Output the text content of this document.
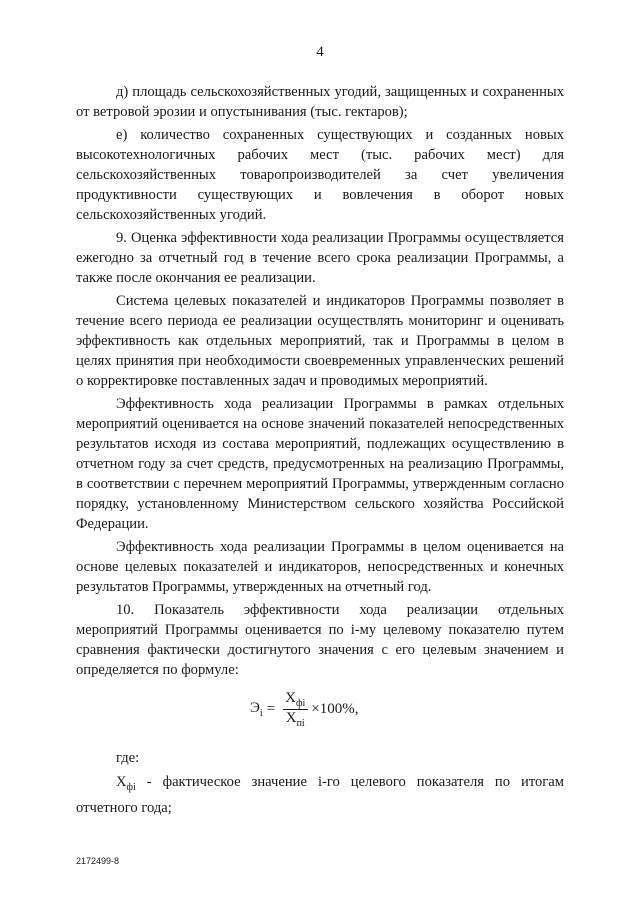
4

д) площадь сельскохозяйственных угодий, защищенных и сохраненных от ветровой эрозии и опустынивания (тыс. гектаров);

е) количество сохраненных существующих и созданных новых высокотехнологичных рабочих мест (тыс. рабочих мест) для сельскохозяйственных товаропроизводителей за счет увеличения продуктивности существующих и вовлечения в оборот новых сельскохозяйственных угодий.

9. Оценка эффективности хода реализации Программы осуществляется ежегодно за отчетный год в течение всего срока реализации Программы, а также после окончания ее реализации.

Система целевых показателей и индикаторов Программы позволяет в течение всего периода ее реализации осуществлять мониторинг и оценивать эффективность как отдельных мероприятий, так и Программы в целом в целях принятия при необходимости своевременных управленческих решений о корректировке поставленных задач и проводимых мероприятий.

Эффективность хода реализации Программы в рамках отдельных мероприятий оценивается на основе значений показателей непосредственных результатов исходя из состава мероприятий, подлежащих осуществлению в отчетном году за счет средств, предусмотренных на реализацию Программы, в соответствии с перечнем мероприятий Программы, утвержденным согласно порядку, установленному Министерством сельского хозяйства Российской Федерации.

Эффективность хода реализации Программы в целом оценивается на основе целевых показателей и индикаторов, непосредственных и конечных результатов Программы, утвержденных на отчетный год.

10. Показатель эффективности хода реализации отдельных мероприятий Программы оценивается по i-му целевому показателю путем сравнения фактически достигнутого значения с его целевым значением и определяется по формуле:

$Э_i = \frac{X_{фi}}{X_{пi}} \times 100\%$,
где:
$X_{фi}$ - фактическое значение i-го целевого показателя по итогам отчетного года;
2172499-8
